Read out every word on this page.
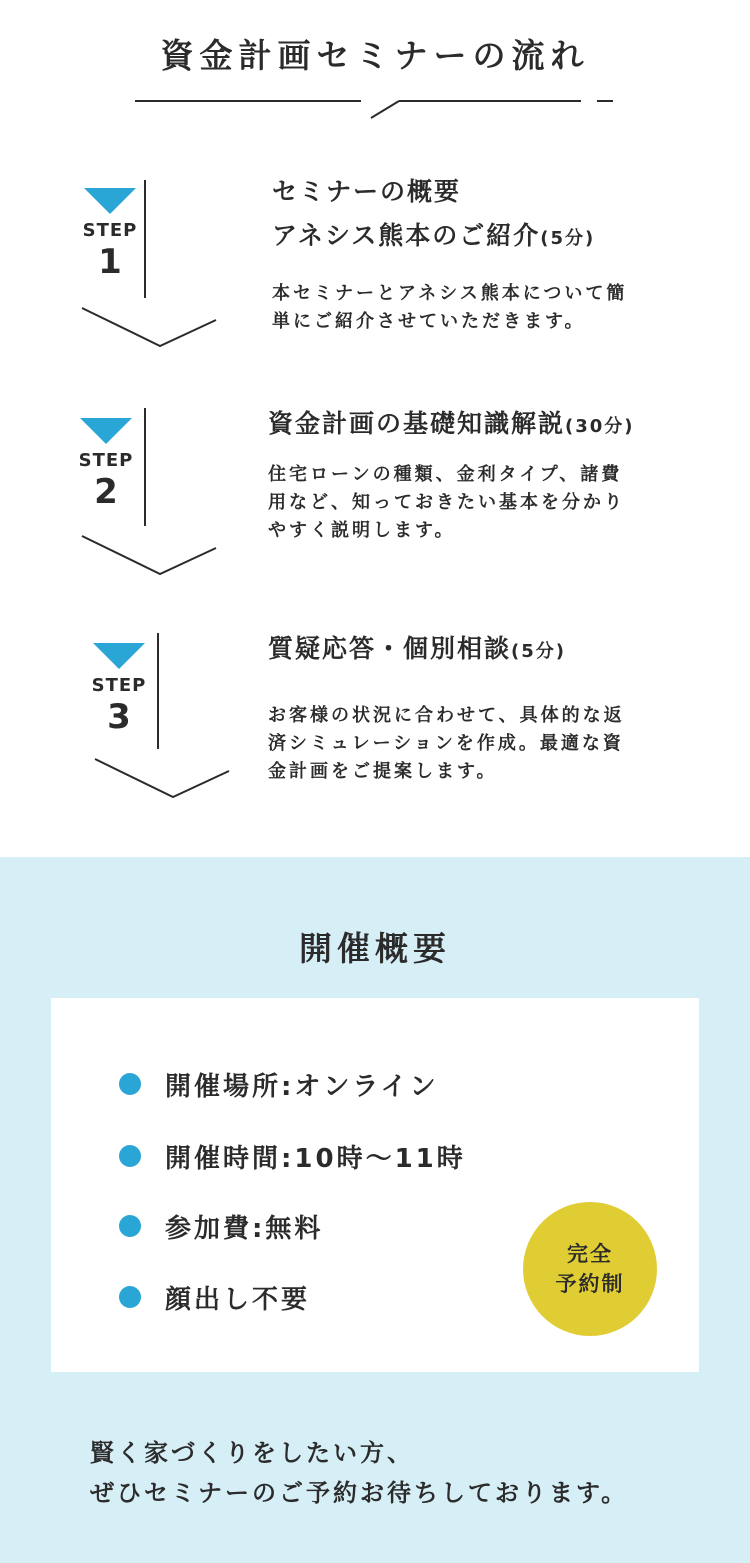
資金計画セミナーの流れ
STEP
1
セミナーの概要
アネシス熊本のご紹介(5分)
本セミナーとアネシス熊本について簡
単にご紹介させていただきます。
STEP
2
資金計画の基礎知識解説(30分)
住宅ローンの種類、金利タイプ、諸費
用など、知っておきたい基本を分かり
やすく説明します。
STEP
3
質疑応答・個別相談(5分)
お客様の状況に合わせて、具体的な返
済シミュレーションを作成。最適な資
金計画をご提案します。
開催概要
開催場所:オンライン
開催時間:10時〜11時
参加費:無料
顔出し不要
完全
予約制
賢く家づくりをしたい方、
ぜひセミナーのご予約お待ちしております。
